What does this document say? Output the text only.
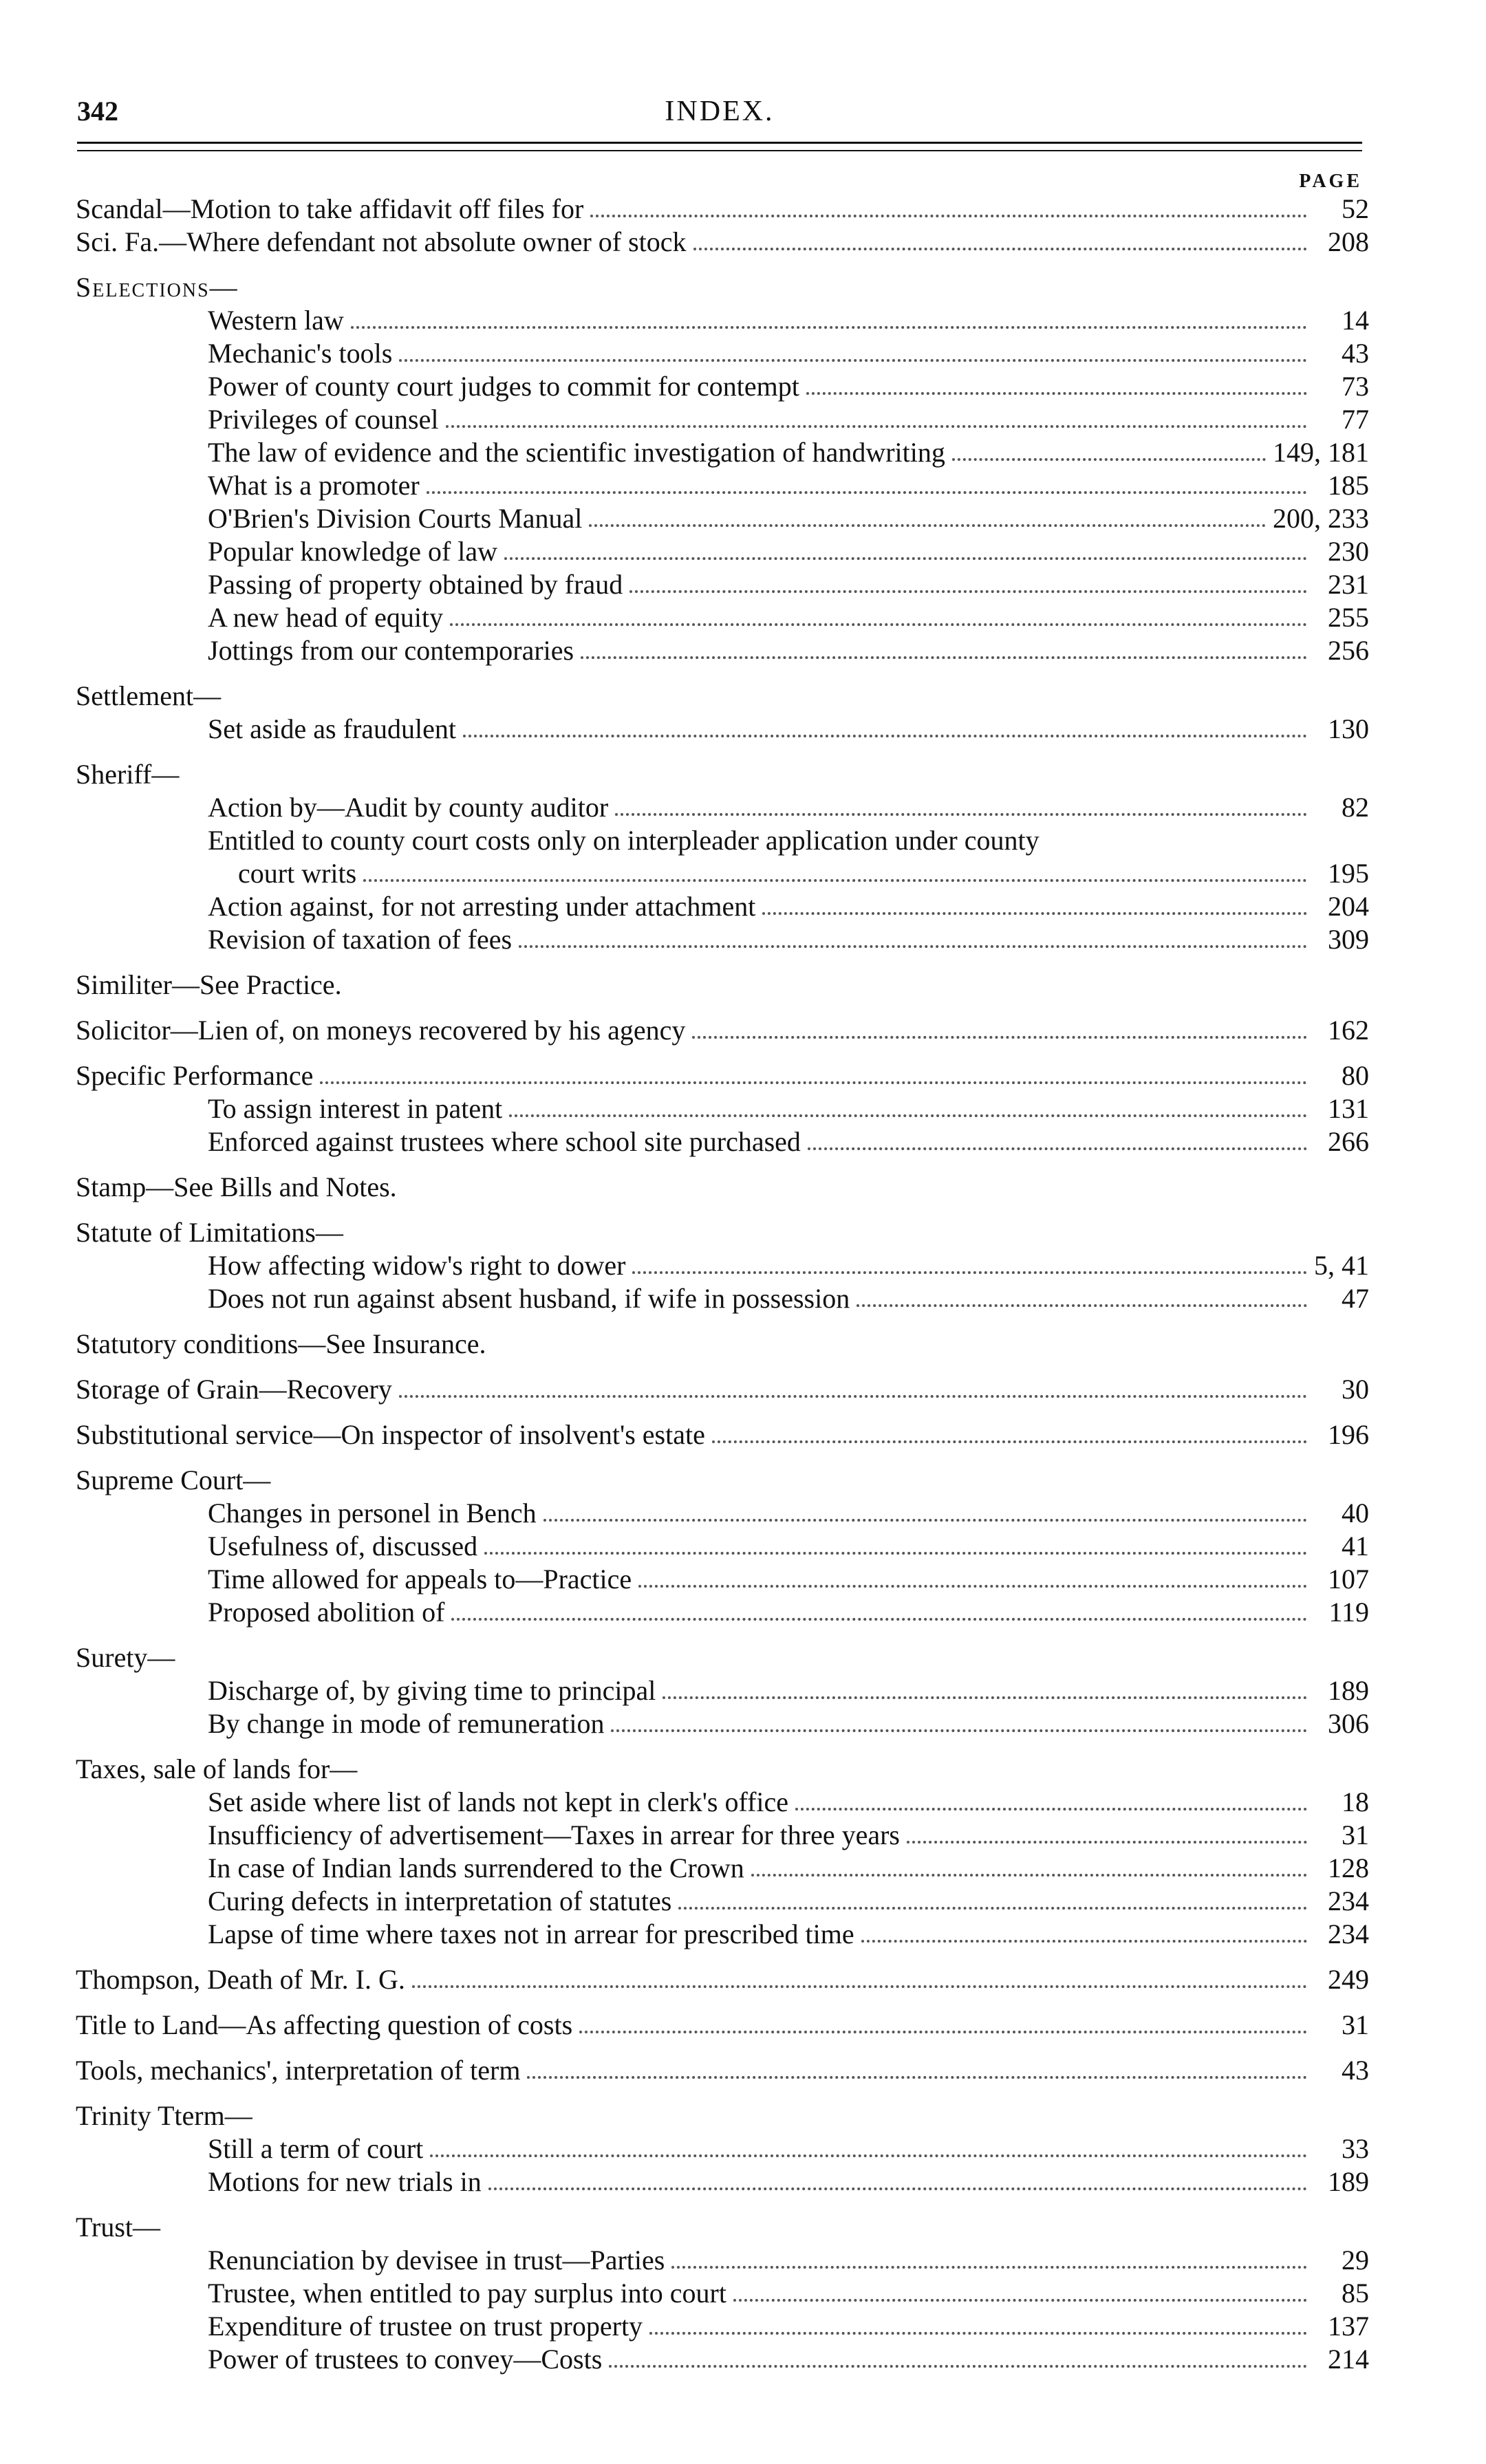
342	INDEX.
PAGE
Scandal—Motion to take affidavit off files for	52
Sci. Fa.—Where defendant not absolute owner of stock	208
Selections—
Western law	14
Mechanic's tools	43
Power of county court judges to commit for contempt	73
Privileges of counsel	77
The law of evidence and the scientific investigation of handwriting	149, 181
What is a promoter	185
O'Brien's Division Courts Manual	200, 233
Popular knowledge of law	230
Passing of property obtained by fraud	231
A new head of equity	255
Jottings from our contemporaries	256
Settlement—
Set aside as fraudulent	130
Sheriff—
Action by—Audit by county auditor	82
Entitled to county court costs only on interpleader application under county
court writs	195
Action against, for not arresting under attachment	204
Revision of taxation of fees	309
Similiter—See Practice.
Solicitor—Lien of, on moneys recovered by his agency	162
Specific Performance	80
To assign interest in patent	131
Enforced against trustees where school site purchased	266
Stamp—See Bills and Notes.
Statute of Limitations—
How affecting widow's right to dower	5, 41
Does not run against absent husband, if wife in possession	47
Statutory conditions—See Insurance.
Storage of Grain—Recovery	30
Substitutional service—On inspector of insolvent's estate	196
Supreme Court—
Changes in personel in Bench	40
Usefulness of, discussed	41
Time allowed for appeals to—Practice	107
Proposed abolition of	119
Surety—
Discharge of, by giving time to principal	189
By change in mode of remuneration	306
Taxes, sale of lands for—
Set aside where list of lands not kept in clerk's office	18
Insufficiency of advertisement—Taxes in arrear for three years	31
In case of Indian lands surrendered to the Crown	128
Curing defects in interpretation of statutes	234
Lapse of time where taxes not in arrear for prescribed time	234
Thompson, Death of Mr. I. G.	249
Title to Land—As affecting question of costs	31
Tools, mechanics', interpretation of term	43
Trinity Tterm—
Still a term of court	33
Motions for new trials in	189
Trust—
Renunciation by devisee in trust—Parties	29
Trustee, when entitled to pay surplus into court	85
Expenditure of trustee on trust property	137
Power of trustees to convey—Costs	214
